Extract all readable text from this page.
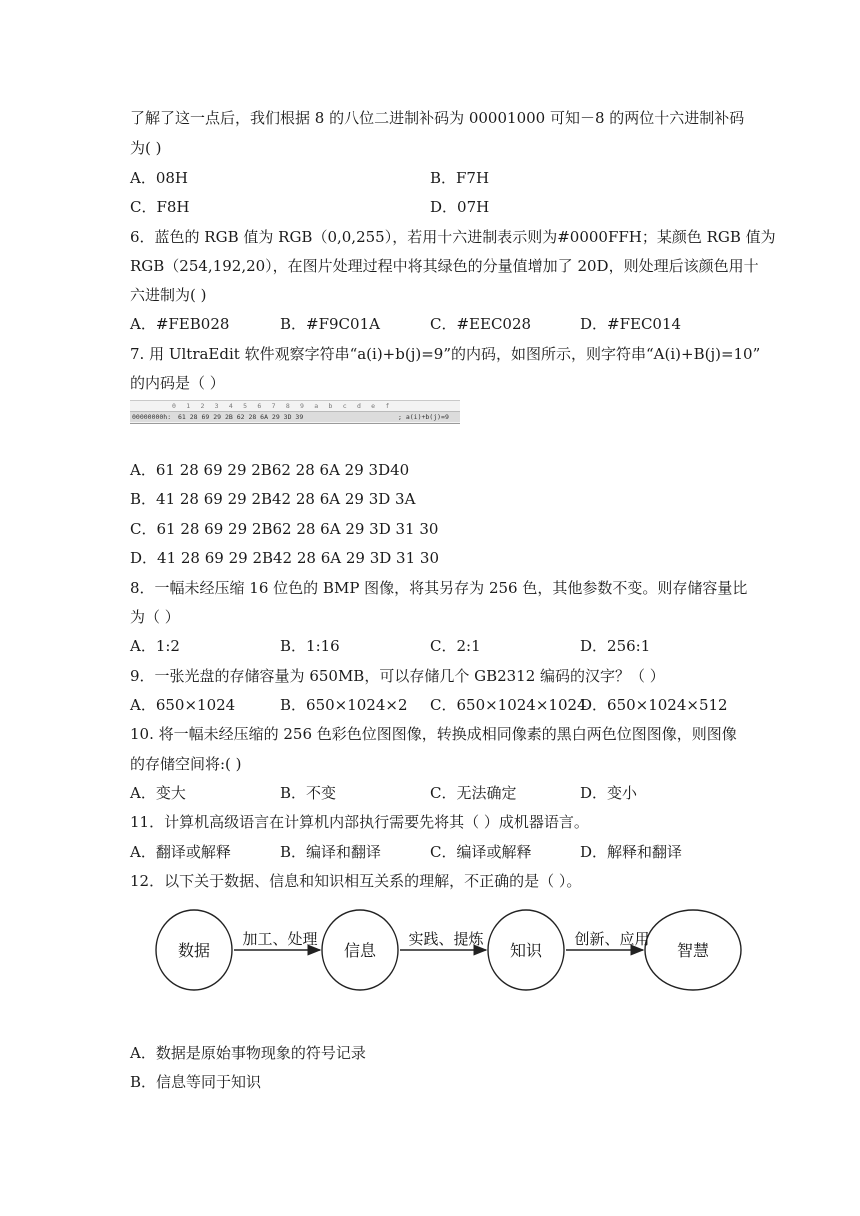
了解了这一点后，我们根据 8 的八位二进制补码为 00001000 可知－8 的两位十六进制补码
为( )
A．08H	B．F7H
C．F8H	D．07H
6．蓝色的 RGB 值为 RGB（0,0,255），若用十六进制表示则为#0000FFH；某颜色 RGB 值为
RGB（254,192,20），在图片处理过程中将其绿色的分量值增加了 20D，则处理后该颜色用十
六进制为( )
A．#FEB028	B．#F9C01A	C．#EEC028	D．#FEC014
7. 用 UltraEdit 软件观察字符串“a(i)+b(j)=9”的内码，如图所示，则字符串“A(i)+B(j)=10”
的内码是（ ）
0 1 2 3 4 5 6 7 8 9 a b c d e f
00000000h: 61 28 69 29 2B 62 28 6A 29 3D 39	; a(i)+b(j)=9
A．61 28 69 29 2B62 28 6A 29 3D40
B．41 28 69 29 2B42 28 6A 29 3D 3A
C．61 28 69 29 2B62 28 6A 29 3D 31 30
D．41 28 69 29 2B42 28 6A 29 3D 31 30
8．一幅未经压缩 16 位色的 BMP 图像，将其另存为 256 色，其他参数不变。则存储容量比
为（ ）
A．1:2	B．1:16	C．2:1	D．256:1
9．一张光盘的存储容量为 650MB，可以存储几个 GB2312 编码的汉字？（ ）
A．650×1024	B．650×1024×2 C．650×1024×1024
D．650×1024×512
10. 将一幅未经压缩的 256 色彩色位图图像，转换成相同像素的黑白两色位图图像，则图像
的存储空间将:( )
A．变大	B．不变	C．无法确定	D．变小
11．计算机高级语言在计算机内部执行需要先将其（ ）成机器语言。
A．翻译或解释	B．编译和翻译	C．编译或解释	D．解释和翻译
12．以下关于数据、信息和知识相互关系的理解，不正确的是（ ）。
数据	信息	知识	智慧
加工、处理	实践、提炼	创新、应用
A．数据是原始事物现象的符号记录
B．信息等同于知识
